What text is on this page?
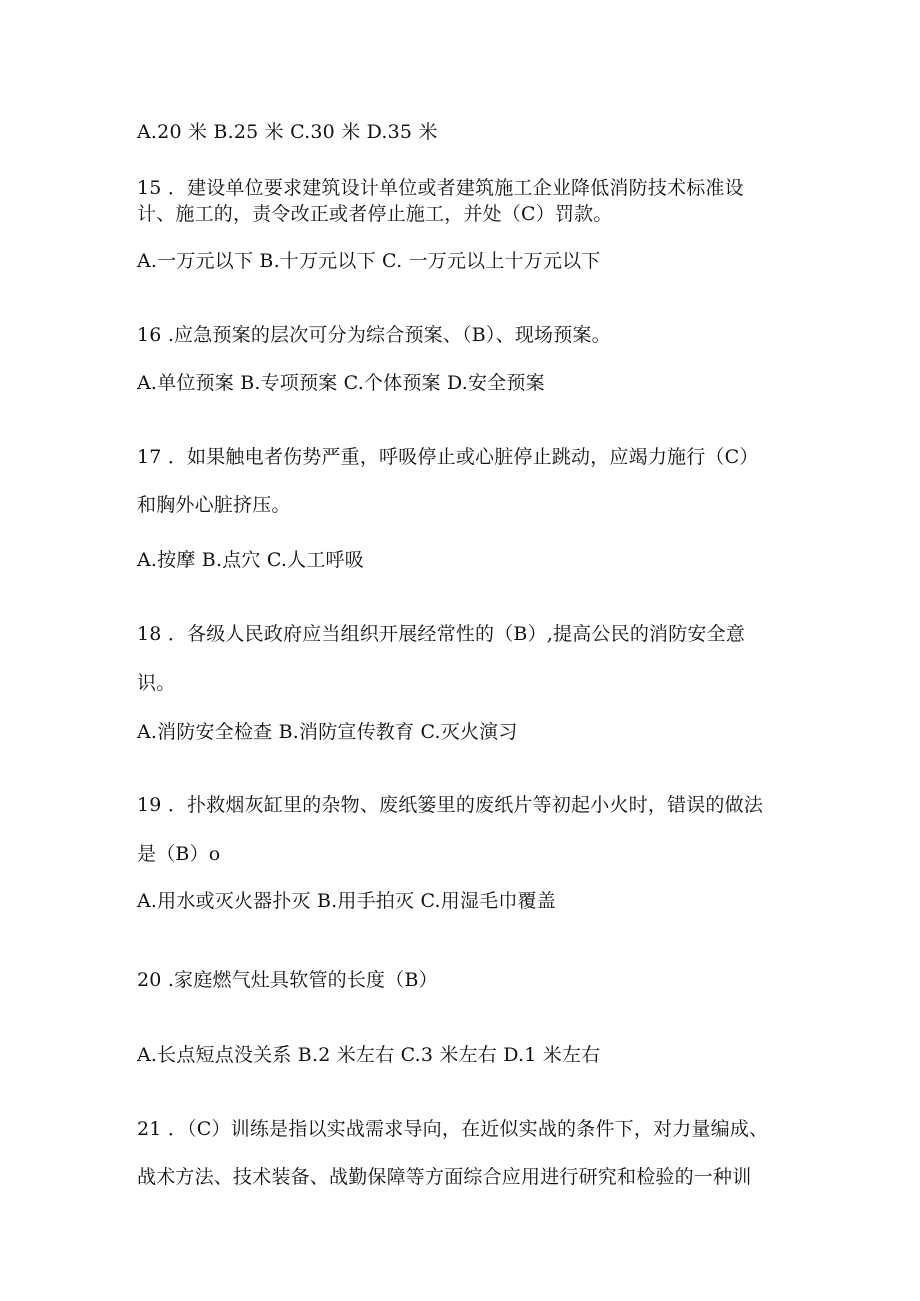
A.20 米 B.25 米 C.30 米 D.35 米
15 ．建设单位要求建筑设计单位或者建筑施工企业降低消防技术标准设
计、施工的，责令改正或者停止施工，并处（C）罚款。
A.一万元以下 B.十万元以下 C. 一万元以上十万元以下
16 .应急预案的层次可分为综合预案、（B）、现场预案。
A.单位预案 B.专项预案 C.个体预案 D.安全预案
17 ．如果触电者伤势严重，呼吸停止或心脏停止跳动，应竭力施行（C）
和胸外心脏挤压。
A.按摩 B.点穴 C.人工呼吸
18 ．各级人民政府应当组织开展经常性的（B）,提高公民的消防安全意
识。
A.消防安全检查 B.消防宣传教育 C.灭火演习
19 ．扑救烟灰缸里的杂物、废纸篓里的废纸片等初起小火时，错误的做法
是（B）o
A.用水或灭火器扑灭 B.用手拍灭 C.用湿毛巾覆盖
20 .家庭燃气灶具软管的长度（B）
A.长点短点没关系 B.2 米左右 C.3 米左右 D.1 米左右
21 ．（C）训练是指以实战需求导向，在近似实战的条件下，对力量编成、
战术方法、技术装备、战勤保障等方面综合应用进行研究和检验的一种训
